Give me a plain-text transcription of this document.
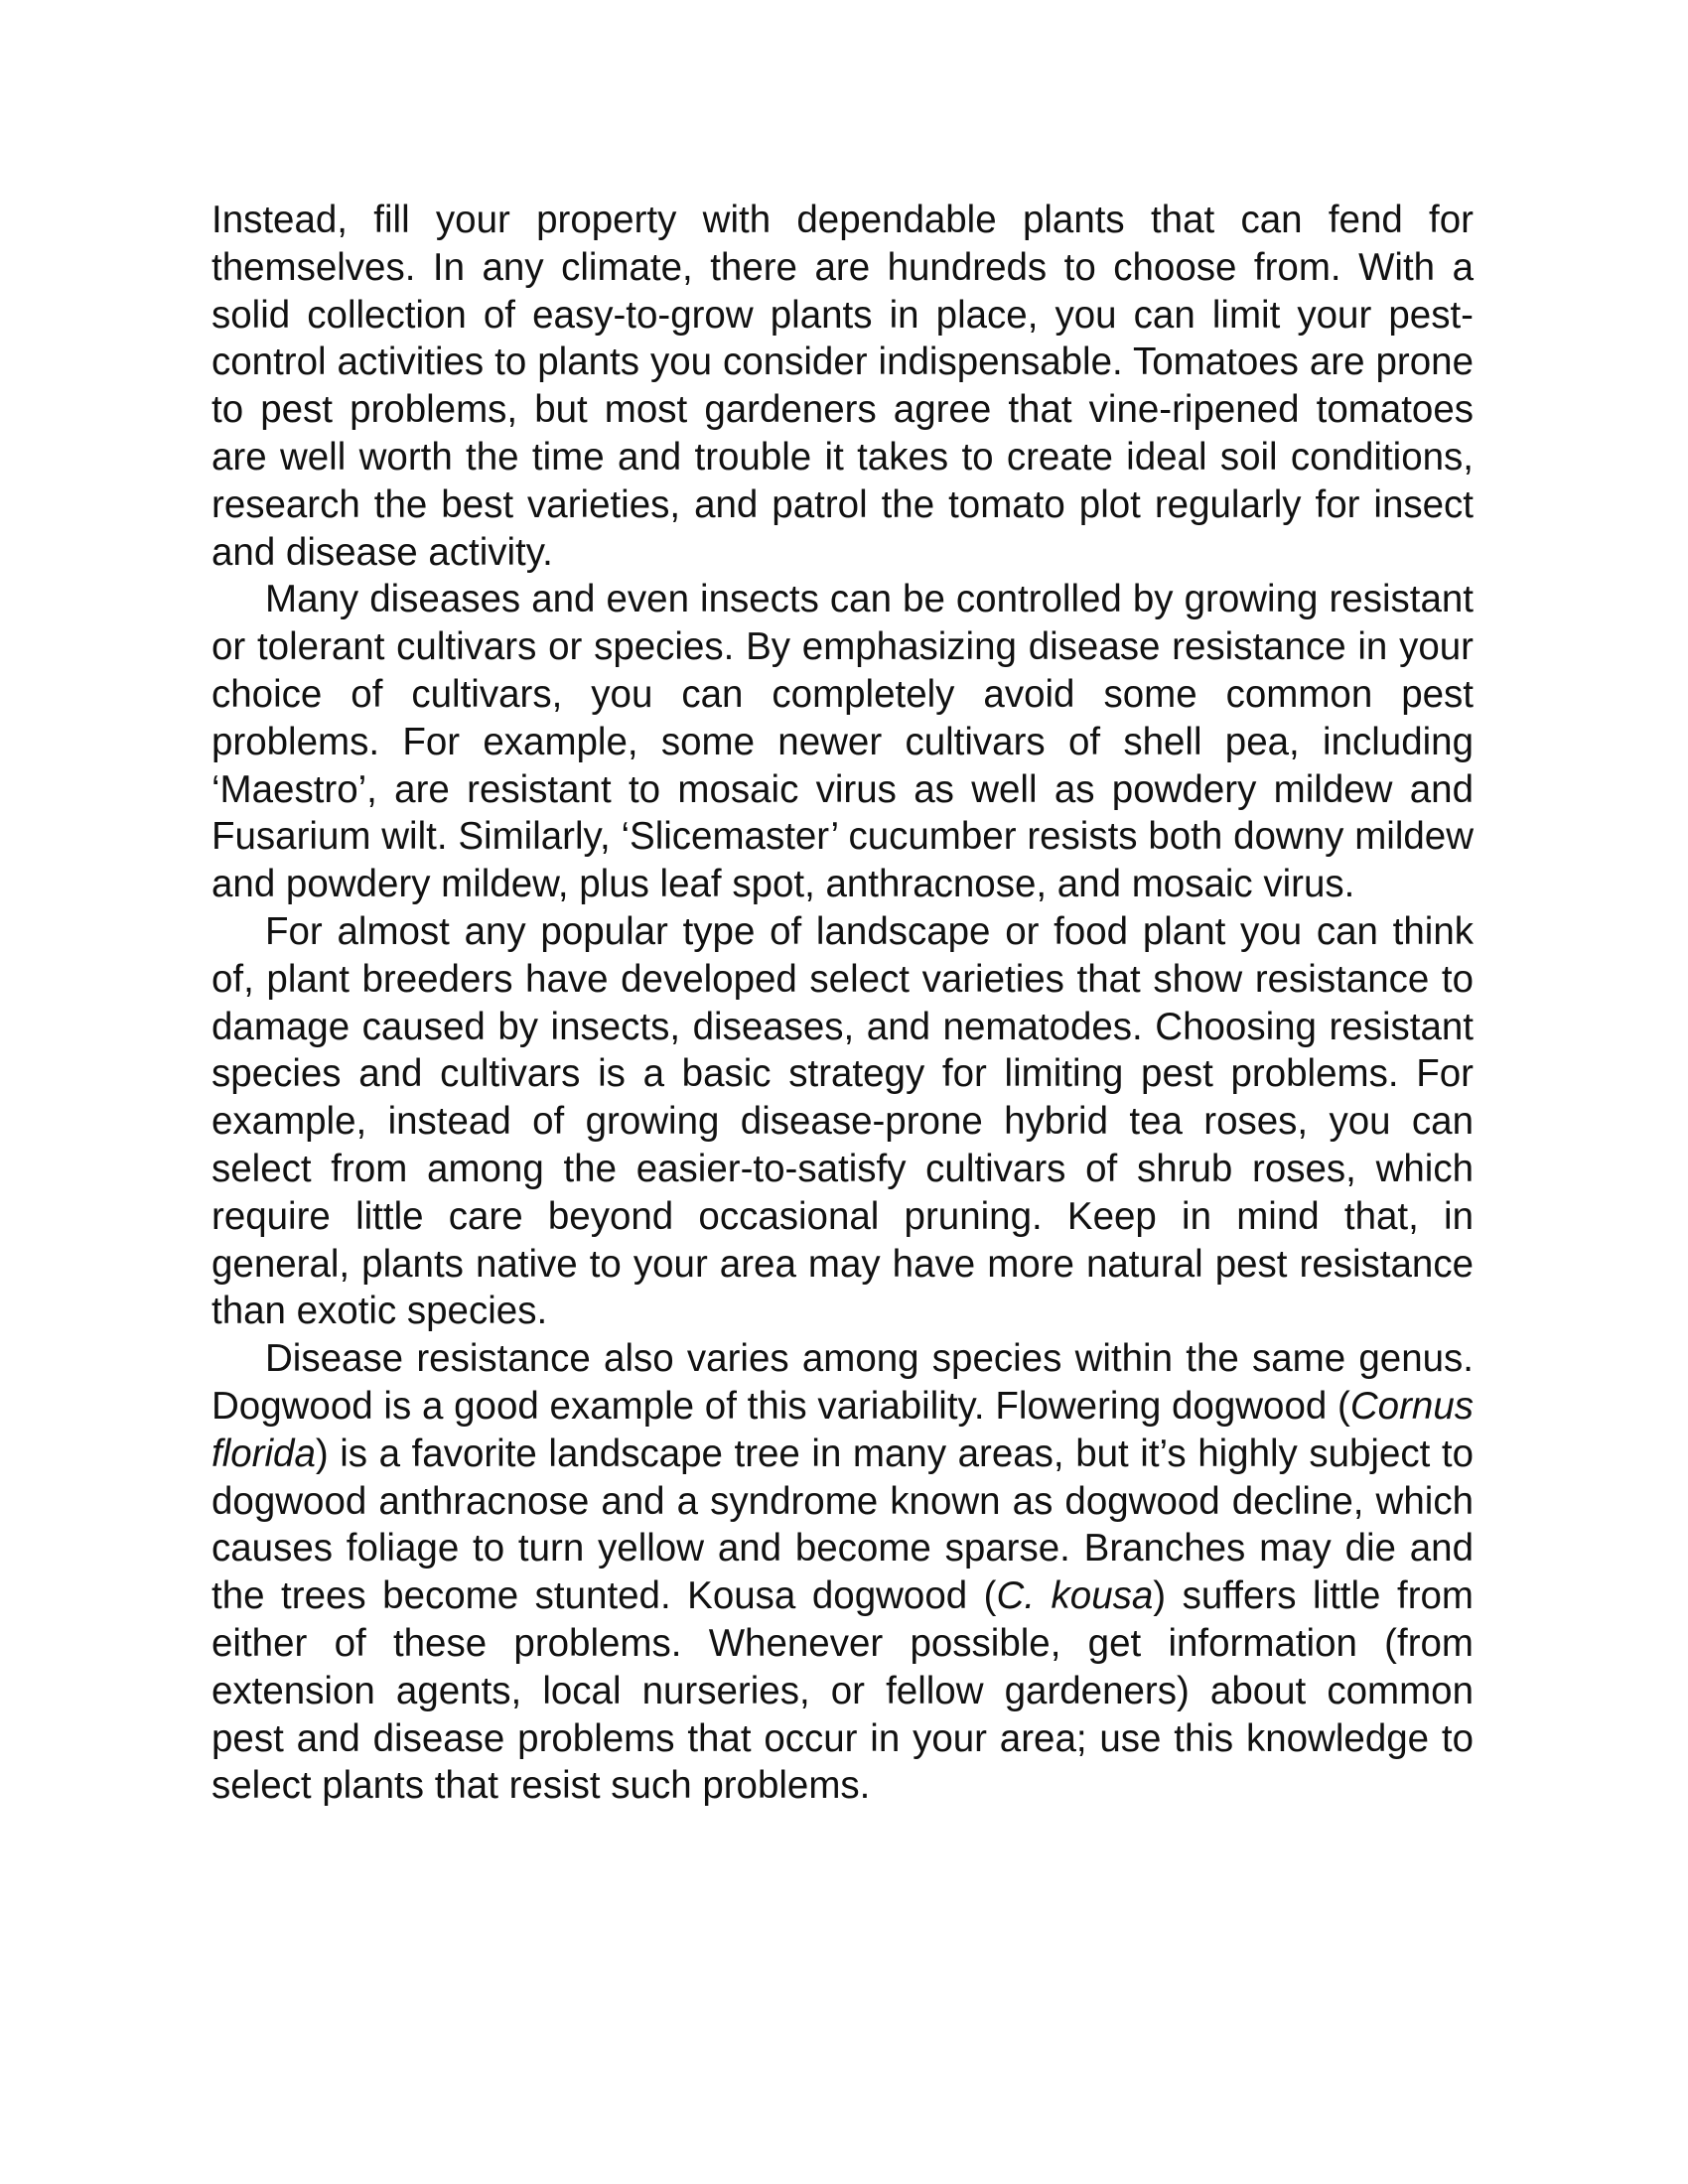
Instead, fill your property with dependable plants that can fend for themselves. In any climate, there are hundreds to choose from. With a solid collection of easy-to-grow plants in place, you can limit your pest-control activities to plants you consider indispensable. Tomatoes are prone to pest problems, but most gardeners agree that vine-ripened tomatoes are well worth the time and trouble it takes to create ideal soil conditions, research the best varieties, and patrol the tomato plot regularly for insect and disease activity.

Many diseases and even insects can be controlled by growing resistant or tolerant cultivars or species. By emphasizing disease resistance in your choice of cultivars, you can completely avoid some common pest problems. For example, some newer cultivars of shell pea, including ‘Maestro’, are resistant to mosaic virus as well as powdery mildew and Fusarium wilt. Similarly, ‘Slicemaster’ cucumber resists both downy mildew and powdery mildew, plus leaf spot, anthracnose, and mosaic virus.

For almost any popular type of landscape or food plant you can think of, plant breeders have developed select varieties that show resistance to damage caused by insects, diseases, and nematodes. Choosing resistant species and cultivars is a basic strategy for limiting pest problems. For example, instead of growing disease-prone hybrid tea roses, you can select from among the easier-to-satisfy cultivars of shrub roses, which require little care beyond occasional pruning. Keep in mind that, in general, plants native to your area may have more natural pest resistance than exotic species.

Disease resistance also varies among species within the same genus. Dogwood is a good example of this variability. Flowering dogwood (Cornus florida) is a favorite landscape tree in many areas, but it’s highly subject to dogwood anthracnose and a syndrome known as dogwood decline, which causes foliage to turn yellow and become sparse. Branches may die and the trees become stunted. Kousa dogwood (C. kousa) suffers little from either of these problems. Whenever possible, get information (from extension agents, local nurseries, or fellow gardeners) about common pest and disease problems that occur in your area; use this knowledge to select plants that resist such problems.
